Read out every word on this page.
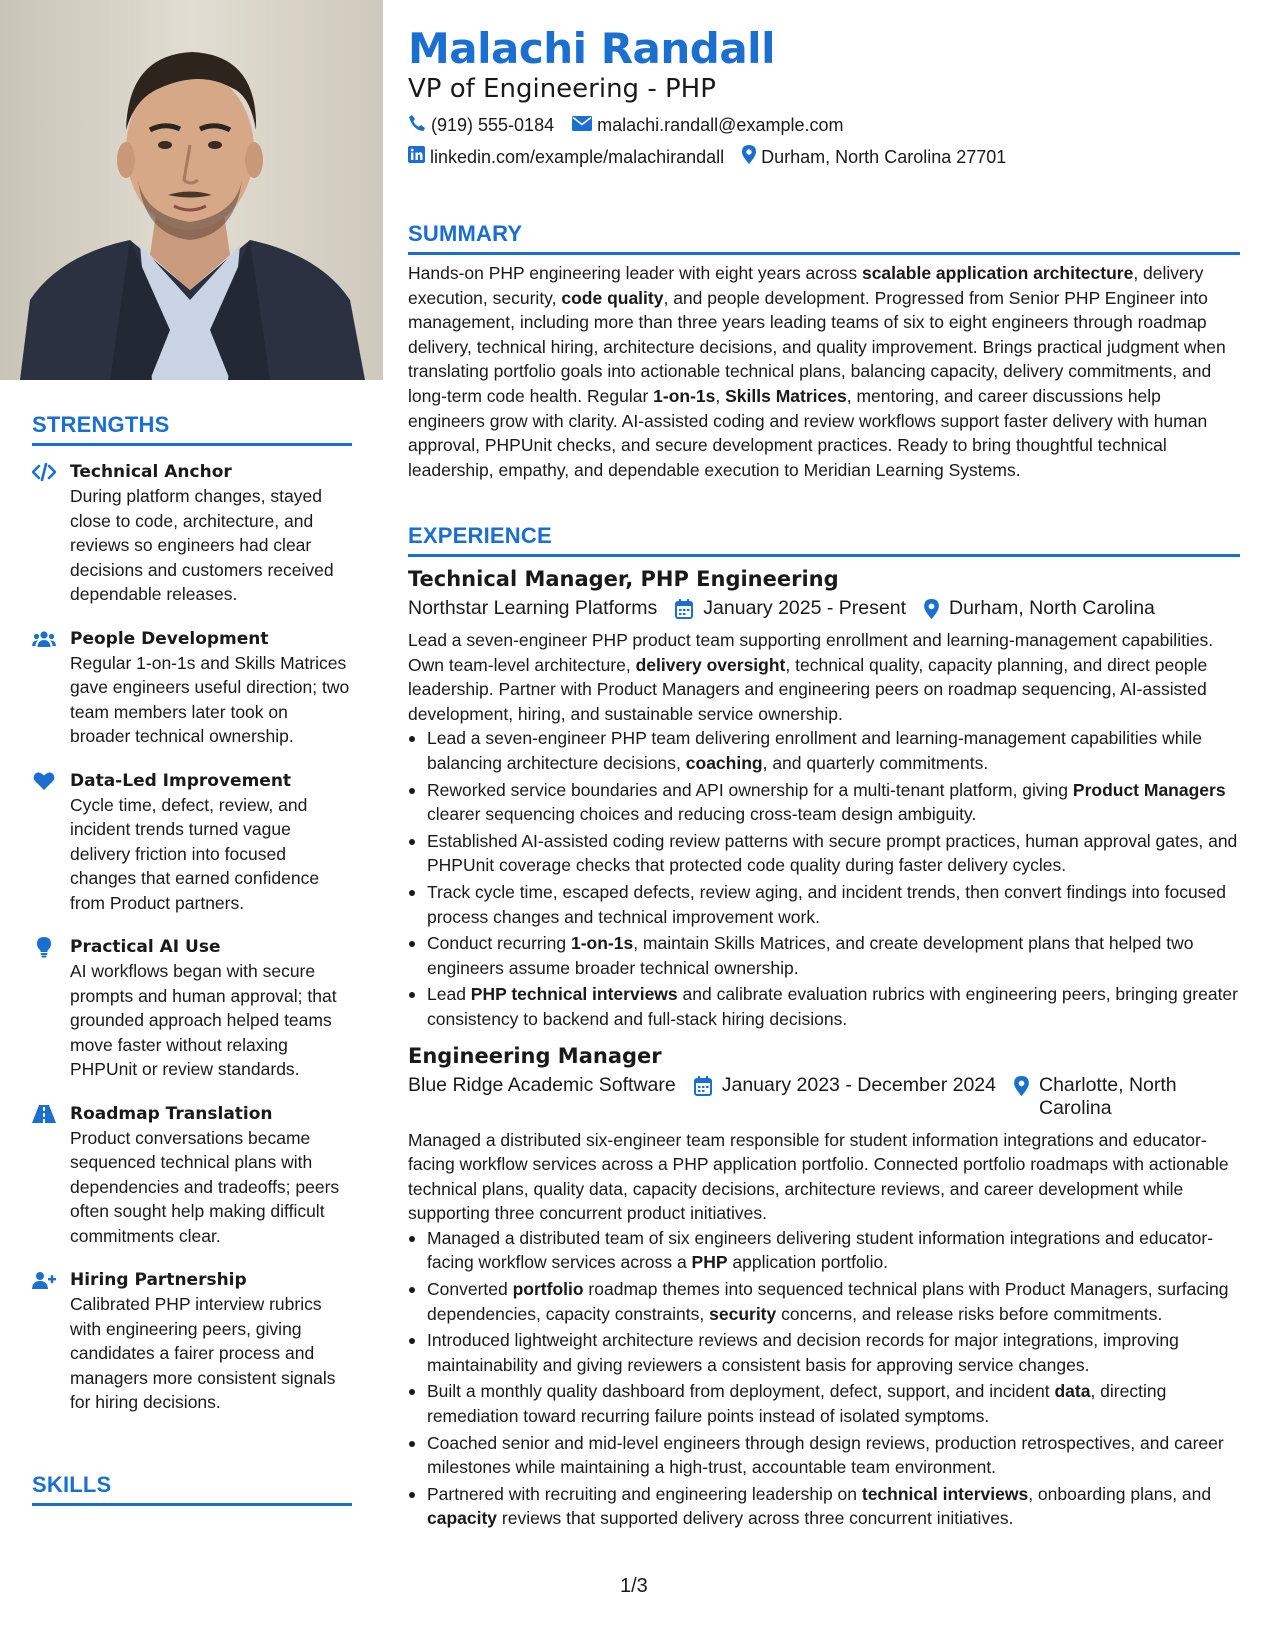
STRENGTHS
Technical Anchor
During platform changes, stayed close to code, architecture, and reviews so engineers had clear decisions and customers received dependable releases.
People Development
Regular 1-on-1s and Skills Matrices gave engineers useful direction; two team members later took on broader technical ownership.
Data-Led Improvement
Cycle time, defect, review, and incident trends turned vague delivery friction into focused changes that earned confidence from Product partners.
Practical AI Use
AI workflows began with secure prompts and human approval; that grounded approach helped teams move faster without relaxing PHPUnit or review standards.
Roadmap Translation
Product conversations became sequenced technical plans with dependencies and tradeoffs; peers often sought help making difficult commitments clear.
Hiring Partnership
Calibrated PHP interview rubrics with engineering peers, giving candidates a fairer process and managers more consistent signals for hiring decisions.
SKILLS
Malachi Randall
VP of Engineering - PHP
(919) 555-0184 malachi.randall@example.com
linkedin.com/example/malachirandall Durham, North Carolina 27701
SUMMARY
Hands-on PHP engineering leader with eight years across scalable application architecture, delivery execution, security, code quality, and people development. Progressed from Senior PHP Engineer into management, including more than three years leading teams of six to eight engineers through roadmap delivery, technical hiring, architecture decisions, and quality improvement. Brings practical judgment when translating portfolio goals into actionable technical plans, balancing capacity, delivery commitments, and long-term code health. Regular 1-on-1s, Skills Matrices, mentoring, and career discussions help engineers grow with clarity. AI-assisted coding and review workflows support faster delivery with human approval, PHPUnit checks, and secure development practices. Ready to bring thoughtful technical leadership, empathy, and dependable execution to Meridian Learning Systems.
EXPERIENCE
Technical Manager, PHP Engineering
Northstar Learning Platforms January 2025 - Present Durham, North Carolina
Lead a seven-engineer PHP product team supporting enrollment and learning-management capabilities. Own team-level architecture, delivery oversight, technical quality, capacity planning, and direct people leadership. Partner with Product Managers and engineering peers on roadmap sequencing, AI-assisted development, hiring, and sustainable service ownership.
Lead a seven-engineer PHP team delivering enrollment and learning-management capabilities while balancing architecture decisions, coaching, and quarterly commitments.
Reworked service boundaries and API ownership for a multi-tenant platform, giving Product Managers clearer sequencing choices and reducing cross-team design ambiguity.
Established AI-assisted coding review patterns with secure prompt practices, human approval gates, and PHPUnit coverage checks that protected code quality during faster delivery cycles.
Track cycle time, escaped defects, review aging, and incident trends, then convert findings into focused process changes and technical improvement work.
Conduct recurring 1-on-1s, maintain Skills Matrices, and create development plans that helped two engineers assume broader technical ownership.
Lead PHP technical interviews and calibrate evaluation rubrics with engineering peers, bringing greater consistency to backend and full-stack hiring decisions.
Engineering Manager
Blue Ridge Academic Software January 2023 - December 2024 Charlotte, North Carolina
Managed a distributed six-engineer team responsible for student information integrations and educator-facing workflow services across a PHP application portfolio. Connected portfolio roadmaps with actionable technical plans, quality data, capacity decisions, architecture reviews, and career development while supporting three concurrent product initiatives.
Managed a distributed team of six engineers delivering student information integrations and educator-facing workflow services across a PHP application portfolio.
Converted portfolio roadmap themes into sequenced technical plans with Product Managers, surfacing dependencies, capacity constraints, security concerns, and release risks before commitments.
Introduced lightweight architecture reviews and decision records for major integrations, improving maintainability and giving reviewers a consistent basis for approving service changes.
Built a monthly quality dashboard from deployment, defect, support, and incident data, directing remediation toward recurring failure points instead of isolated symptoms.
Coached senior and mid-level engineers through design reviews, production retrospectives, and career milestones while maintaining a high-trust, accountable team environment.
Partnered with recruiting and engineering leadership on technical interviews, onboarding plans, and capacity reviews that supported delivery across three concurrent initiatives.
1/3
